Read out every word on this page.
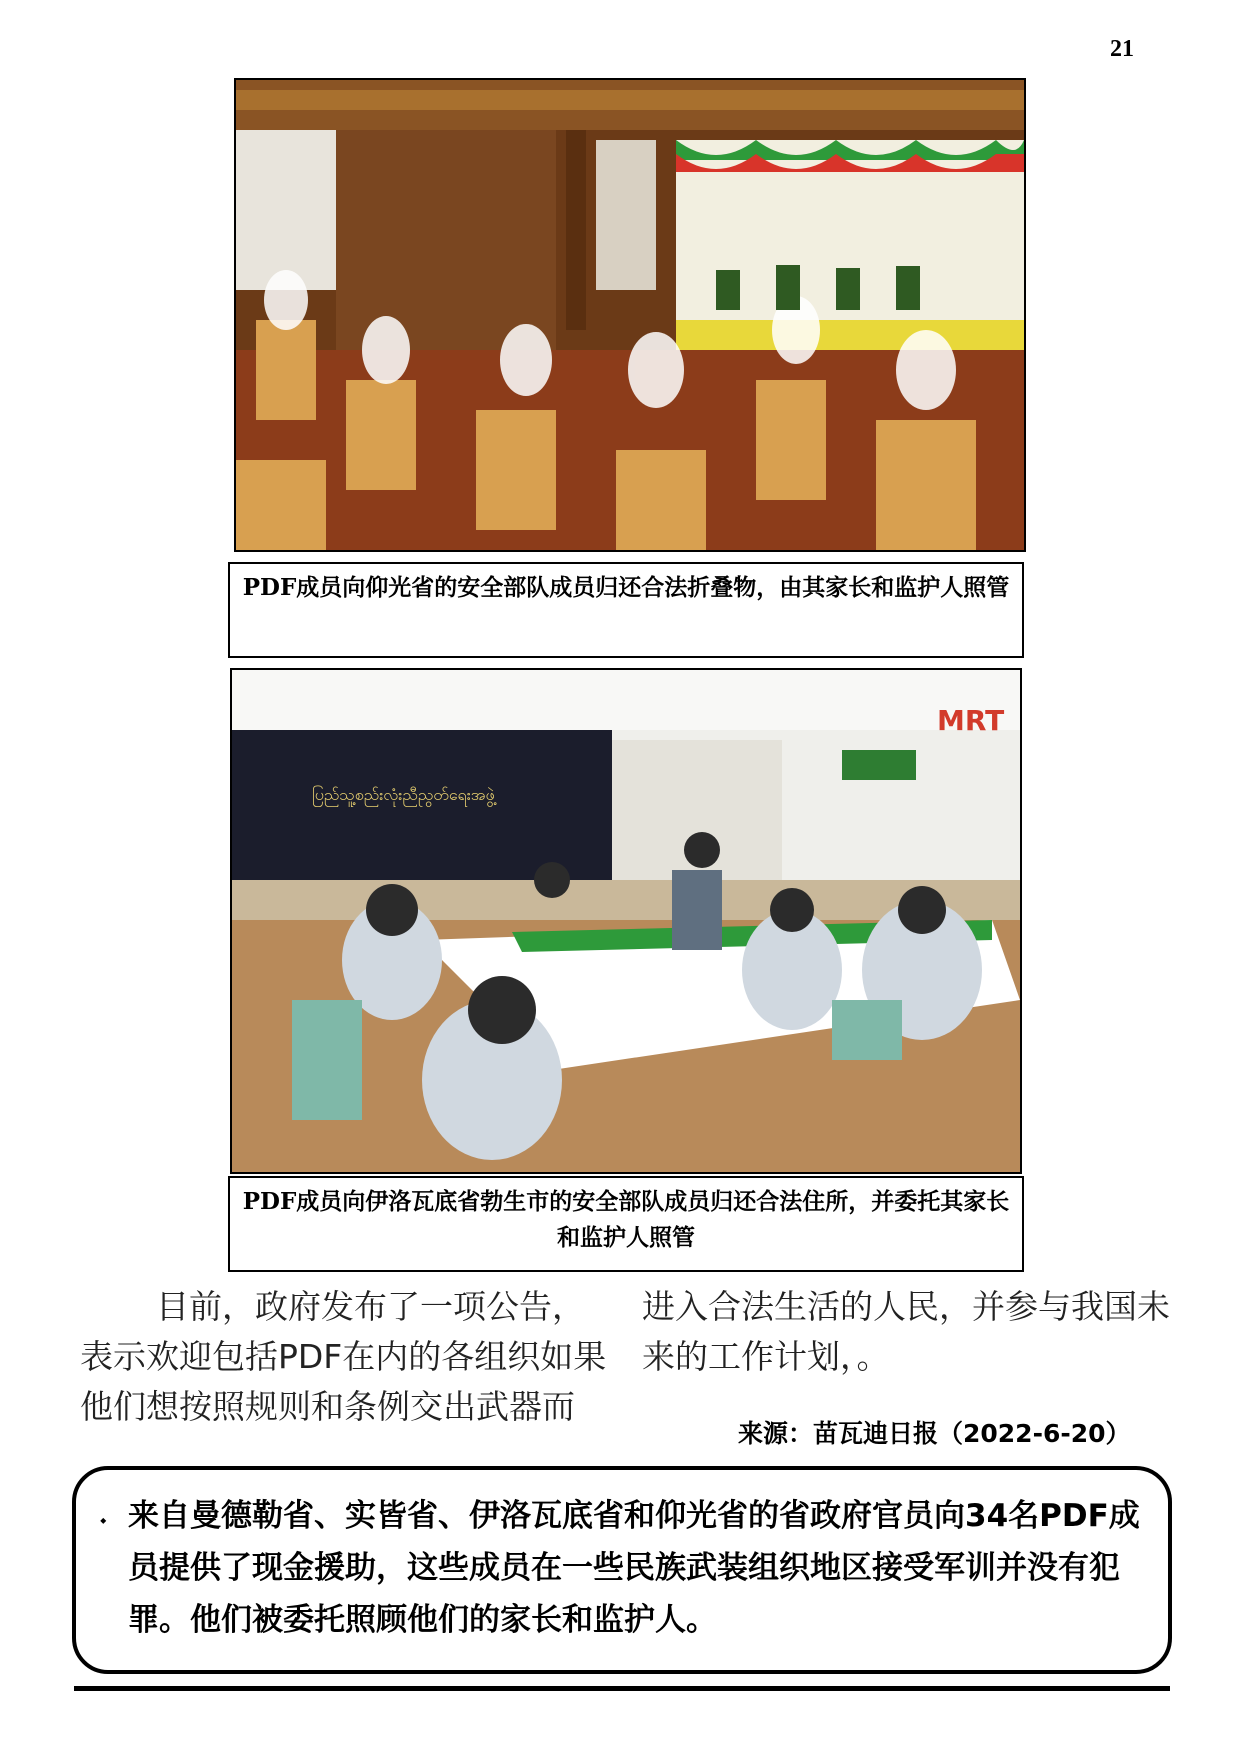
21
PDF成员向仰光省的安全部队成员归还合法折叠物，由其家长和监护人照管
ပြည်သူ့စည်းလုံးညီညွတ်ရေးအဖွဲ့
MRT
PDF成员向伊洛瓦底省勃生市的安全部队成员归还合法住所，并委托其家长和监护人照管
目前，政府发布了一项公告，表示欢迎包括PDF在内的各组织如果他们想按照规则和条例交出武器而
进入合法生活的人民，并参与我国未来的工作计划，。
来源：苗瓦迪日报（2022-6-20）
⬩ 来自曼德勒省、实皆省、伊洛瓦底省和仰光省的省政府官员向34名PDF成员提供了现金援助，这些成员在一些民族武装组织地区接受军训并没有犯罪。他们被委托照顾他们的家长和监护人。
